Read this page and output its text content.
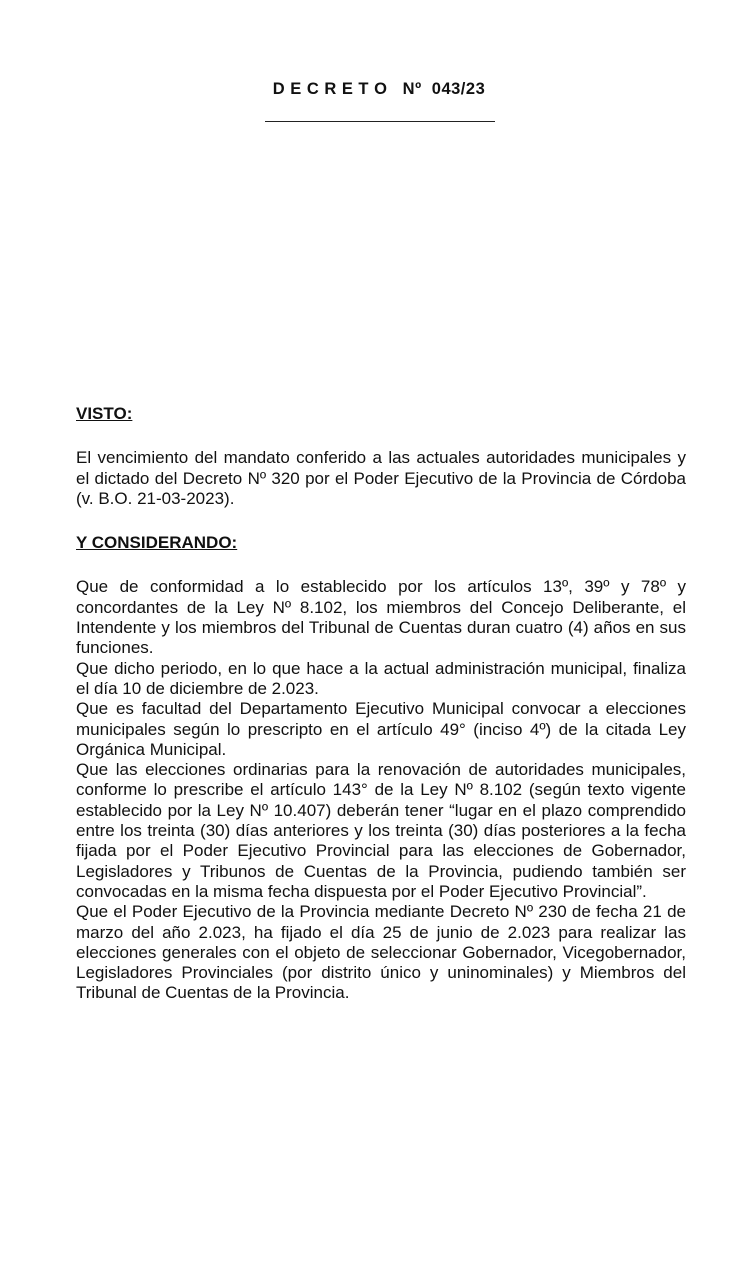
D E C R E T O   Nº  043/23

VISTO:

El vencimiento del mandato conferido a las actuales autoridades municipales y el dictado del Decreto Nº 320 por el Poder Ejecutivo de la Provincia de Córdoba (v. B.O. 21-03-2023).

Y CONSIDERANDO:

Que de conformidad a lo establecido por los artículos 13º, 39º y 78º y concordantes de la Ley Nº 8.102, los miembros del Concejo Deliberante, el Intendente y los miembros del Tribunal de Cuentas duran cuatro (4) años en sus funciones.

Que dicho periodo, en lo que hace a la actual administración municipal, finaliza el día 10 de diciembre de 2.023.

Que es facultad del Departamento Ejecutivo Municipal convocar a elecciones municipales según lo prescripto en el artículo 49° (inciso 4º) de la citada Ley Orgánica Municipal.

Que las elecciones ordinarias para la renovación de autoridades municipales, conforme lo prescribe el artículo 143° de la Ley Nº 8.102 (según texto vigente establecido por la Ley Nº 10.407) deberán tener “lugar en el plazo comprendido entre los treinta (30) días anteriores y los treinta (30) días posteriores a la fecha fijada por el Poder Ejecutivo Provincial para las elecciones de Gobernador, Legisladores y Tribunos de Cuentas de la Provincia, pudiendo también ser convocadas en la misma fecha dispuesta por el Poder Ejecutivo Provincial”.

Que el Poder Ejecutivo de la Provincia mediante Decreto Nº 230 de fecha 21 de marzo del año 2.023, ha fijado el día 25 de junio de 2.023 para realizar las elecciones generales con el objeto de seleccionar Gobernador, Vicegobernador, Legisladores Provinciales (por distrito único y uninominales) y Miembros del Tribunal de Cuentas de la Provincia.
